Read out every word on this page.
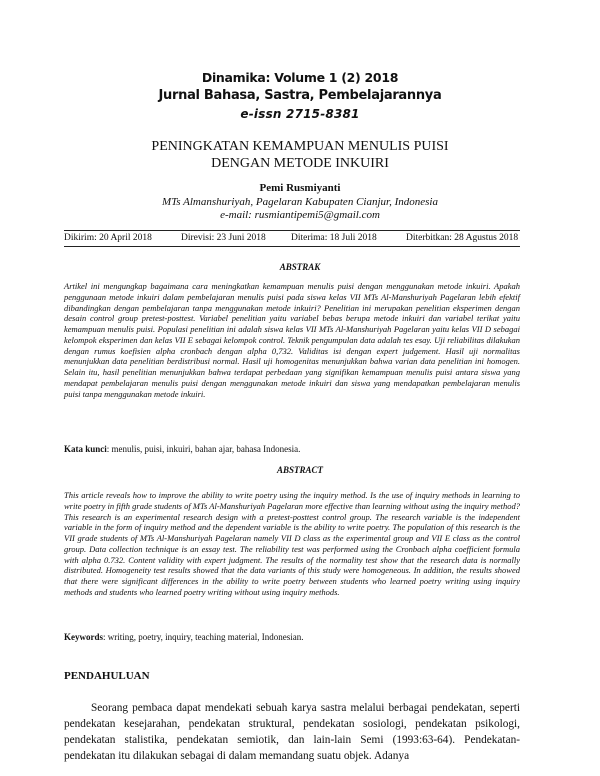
Dinamika: Volume 1 (2) 2018
Jurnal Bahasa, Sastra, Pembelajarannya
e-issn 2715-8381
PENINGKATAN KEMAMPUAN MENULIS PUISI
DENGAN METODE INKUIRI
Pemi Rusmiyanti
MTs Almanshuriyah, Pagelaran Kabupaten Cianjur, Indonesia
e-mail: rusmiantipemi5@gmail.com
Dikirim: 20 April 2018	Direvisi: 23 Juni 2018	Diterima: 18 Juli 2018	Diterbitkan: 28 Agustus 2018
ABSTRAK

Artikel ini mengungkap bagaimana cara meningkatkan kemampuan menulis puisi dengan menggunakan metode inkuiri. Apakah penggunaan metode inkuiri dalam pembelajaran menulis puisi pada siswa kelas VII MTs Al-Manshuriyah Pagelaran lebih efektif dibandingkan dengan pembelajaran tanpa menggunakan metode inkuiri? Penelitian ini merupakan penelitian eksperimen dengan desain control group pretest-posttest. Variabel penelitian yaitu variabel bebas berupa metode inkuiri dan variabel terikat yaitu kemampuan menulis puisi. Populasi penelitian ini adalah siswa kelas VII MTs Al-Manshuriyah Pagelaran yaitu kelas VII D sebagai kelompok eksperimen dan kelas VII E sebagai kelompok control. Teknik pengumpulan data adalah tes esay. Uji reliabilitas dilakukan dengan rumus koefisien alpha cronbach dengan alpha 0,732. Validitas isi dengan expert judgement. Hasil uji normalitas menunjukkan data penelitian berdistribusi normal. Hasil uji homogenitas menunjukkan bahwa varian data penelitian ini homogen. Selain itu, hasil penelitian menunjukkan bahwa terdapat perbedaan yang signifikan kemampuan menulis puisi antara siswa yang mendapat pembelajaran menulis puisi dengan menggunakan metode inkuiri dan siswa yang mendapatkan pembelajaran menulis puisi tanpa menggunakan metode inkuiri.

Kata kunci: menulis, puisi, inkuiri, bahan ajar, bahasa Indonesia.
ABSTRACT

This article reveals how to improve the ability to write poetry using the inquiry method. Is the use of inquiry methods in learning to write poetry in fifth grade students of MTs Al-Manshuriyah Pagelaran more effective than learning without using the inquiry method? This research is an experimental research design with a pretest-posttest control group. The research variable is the independent variable in the form of inquiry method and the dependent variable is the ability to write poetry. The population of this research is the VII grade students of MTs Al-Manshuriyah Pagelaran namely VII D class as the experimental group and VII E class as the control group. Data collection technique is an essay test. The reliability test was performed using the Cronbach alpha coefficient formula with alpha 0.732. Content validity with expert judgment. The results of the normality test show that the research data is normally distributed. Homogeneity test results showed that the data variants of this study were homogeneous. In addition, the results showed that there were significant differences in the ability to write poetry between students who learned poetry writing using inquiry methods and students who learned poetry writing without using inquiry methods.

Keywords: writing, poetry, inquiry, teaching material, Indonesian.
PENDAHULUAN

Seorang pembaca dapat mendekati sebuah karya sastra melalui berbagai pendekatan, seperti pendekatan kesejarahan, pendekatan struktural, pendekatan sosiologi, pendekatan psikologi, pendekatan stalistika, pendekatan semiotik, dan lain-lain Semi (1993:63-64). Pendekatan-pendekatan itu dilakukan sebagai di dalam memandang suatu objek. Adanya
